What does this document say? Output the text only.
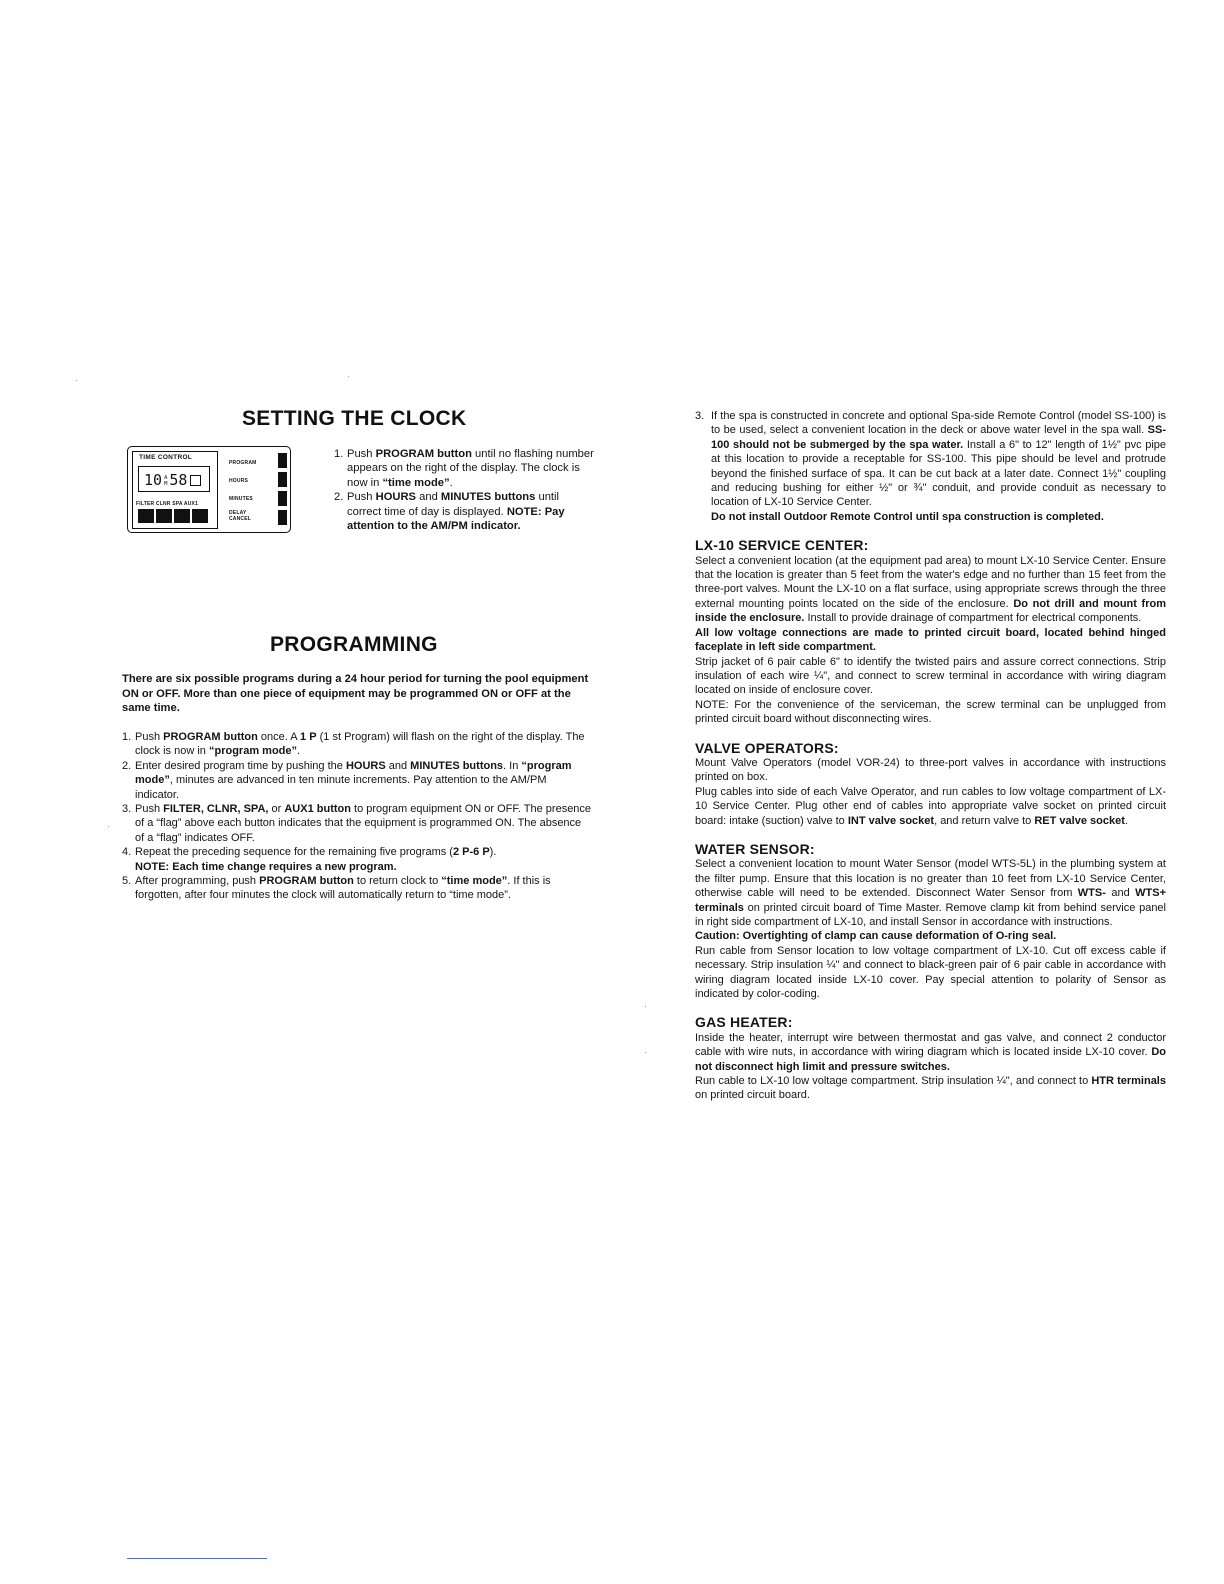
SETTING THE CLOCK
TIME CONTROL
10 A
M 58
FILTER CLNR SPA AUX1
PROGRAM
HOURS
MINUTES
DELAY CANCEL
1. Push PROGRAM button until no flashing number appears on the right of the display. The clock is now in “time mode”.
2. Push HOURS and MINUTES buttons until correct time of day is displayed. NOTE: Pay attention to the AM/PM indicator.
PROGRAMMING

There are six possible programs during a 24 hour period for turning the pool equipment ON or OFF. More than one piece of equipment may be programmed ON or OFF at the same time.

1. Push PROGRAM button once. A 1 P (1 st Program) will flash on the right of the display. The clock is now in “program mode”.
2. Enter desired program time by pushing the HOURS and MINUTES buttons. In “program mode”, minutes are advanced in ten minute increments. Pay attention to the AM/PM indicator.
3. Push FILTER, CLNR, SPA, or AUX1 button to program equipment ON or OFF. The presence of a “flag” above each button indicates that the equipment is programmed ON. The absence of a “flag” indicates OFF.
4. Repeat the preceding sequence for the remaining five programs (2 P-6 P).
NOTE: Each time change requires a new program.
5. After programming, push PROGRAM button to return clock to “time mode”. If this is forgotten, after four minutes the clock will automatically return to “time mode”.
3. If the spa is constructed in concrete and optional Spa-side Remote Control (model SS-100) is to be used, select a convenient location in the deck or above water level in the spa wall. SS-100 should not be submerged by the spa water. Install a 6" to 12" length of 1½" pvc pipe at this location to provide a receptable for SS-100. This pipe should be level and protrude beyond the finished surface of spa. It can be cut back at a later date. Connect 1½" coupling and reducing bushing for either ½" or ¾" conduit, and provide conduit as necessary to location of LX-10 Service Center.
Do not install Outdoor Remote Control until spa construction is completed.
LX-10 SERVICE CENTER:
Select a convenient location (at the equipment pad area) to mount LX-10 Service Center. Ensure that the location is greater than 5 feet from the water's edge and no further than 15 feet from the three-port valves. Mount the LX-10 on a flat surface, using appropriate screws through the three external mounting points located on the side of the enclosure. Do not drill and mount from inside the enclosure. Install to provide drainage of compartment for electrical components.
All low voltage connections are made to printed circuit board, located behind hinged faceplate in left side compartment.
Strip jacket of 6 pair cable 6" to identify the twisted pairs and assure correct connections. Strip insulation of each wire ¼", and connect to screw terminal in accordance with wiring diagram located on inside of enclosure cover.
NOTE: For the convenience of the serviceman, the screw terminal can be unplugged from printed circuit board without disconnecting wires.
VALVE OPERATORS:
Mount Valve Operators (model VOR-24) to three-port valves in accordance with instructions printed on box.
Plug cables into side of each Valve Operator, and run cables to low voltage compartment of LX-10 Service Center. Plug other end of cables into appropriate valve socket on printed circuit board: intake (suction) valve to INT valve socket, and return valve to RET valve socket.
WATER SENSOR:
Select a convenient location to mount Water Sensor (model WTS-5L) in the plumbing system at the filter pump. Ensure that this location is no greater than 10 feet from LX-10 Service Center, otherwise cable will need to be extended. Disconnect Water Sensor from WTS- and WTS+ terminals on printed circuit board of Time Master. Remove clamp kit from behind service panel in right side compartment of LX-10, and install Sensor in accordance with instructions.
Caution: Overtighting of clamp can cause deformation of O-ring seal.
Run cable from Sensor location to low voltage compartment of LX-10. Cut off excess cable if necessary. Strip insulation ¼" and connect to black-green pair of 6 pair cable in accordance with wiring diagram located inside LX-10 cover. Pay special attention to polarity of Sensor as indicated by color-coding.
GAS HEATER:
Inside the heater, interrupt wire between thermostat and gas valve, and connect 2 conductor cable with wire nuts, in accordance with wiring diagram which is located inside LX-10 cover. Do not disconnect high limit and pressure switches.
Run cable to LX-10 low voltage compartment. Strip insulation ¼", and connect to HTR terminals on printed circuit board.
